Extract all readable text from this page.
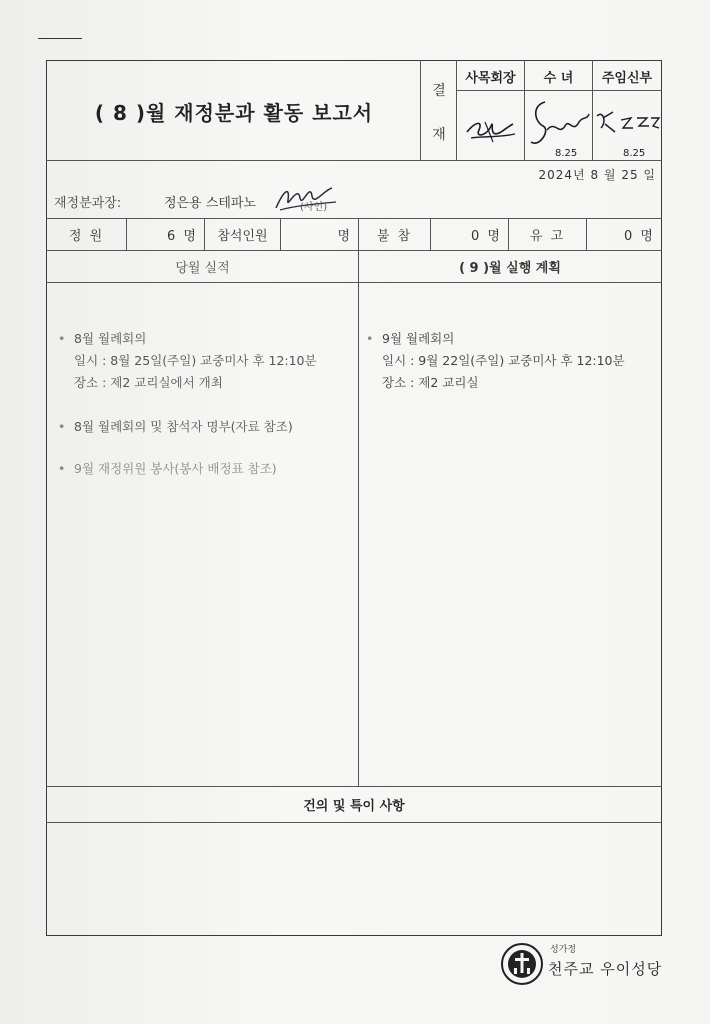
( 8 )월 재정분과 활동 보고서
결
재
사목회장	수 녀	주임신부
8.25	8.25
2024년 8 월 25 일
재정분과장:	정은용 스테파노	(사인)
정 원	6 명	참석인원	명	불 참	0 명	유 고	0 명
당월 실적	( 9 )월 실행 계획
• 8월 월례회의
일시 : 8월 25일(주일) 교중미사 후 12:10분
장소 : 제2 교리실에서 개최
• 8월 월례회의 및 참석자 명부(자료 참조)
• 9월 재정위원 봉사(봉사 배정표 참조)
• 9월 월례회의
일시 : 9월 22일(주일) 교중미사 후 12:10분
장소 : 제2 교리실
건의 및 특이 사항
성가정
천주교 우이성당
